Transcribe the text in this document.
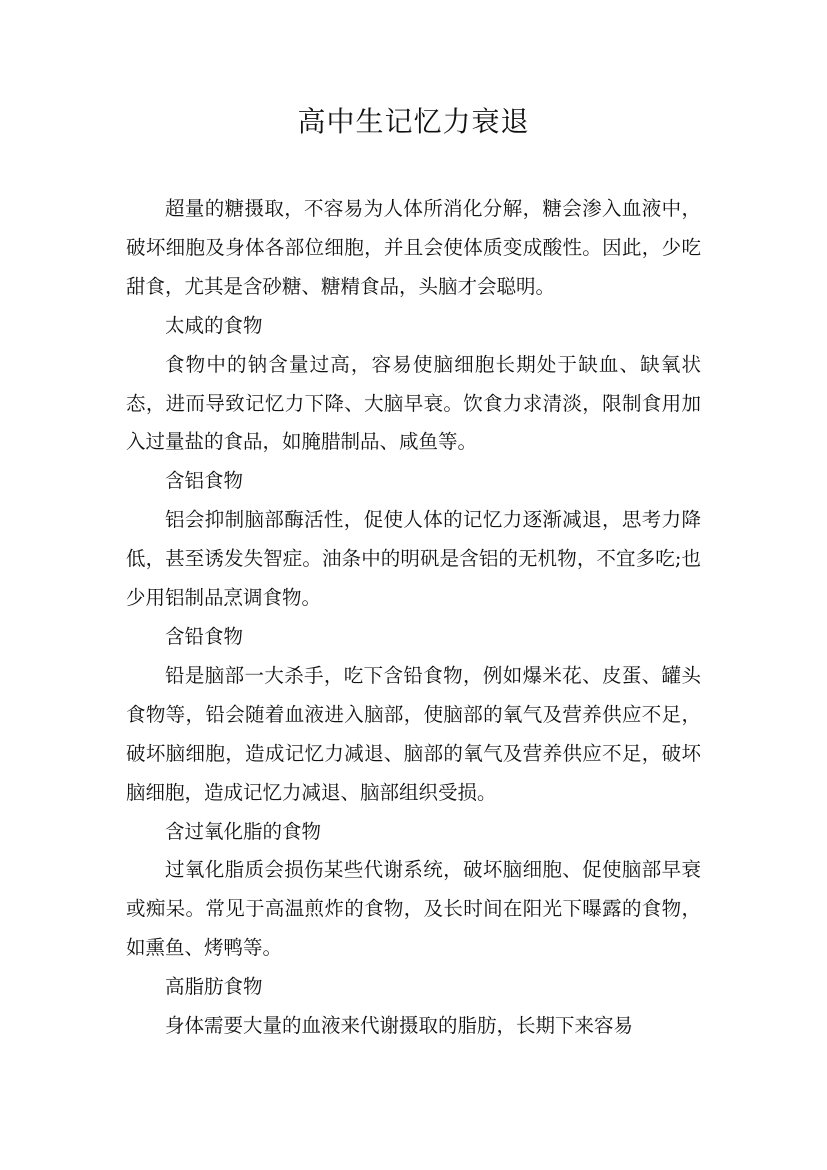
高中生记忆力衰退

超量的糖摄取，不容易为人体所消化分解，糖会渗入血液中，破坏细胞及身体各部位细胞，并且会使体质变成酸性。因此，少吃甜食，尤其是含砂糖、糖精食品，头脑才会聪明。

太咸的食物

食物中的钠含量过高，容易使脑细胞长期处于缺血、缺氧状态，进而导致记忆力下降、大脑早衰。饮食力求清淡，限制食用加入过量盐的食品，如腌腊制品、咸鱼等。

含铝食物

铝会抑制脑部酶活性，促使人体的记忆力逐渐减退，思考力降低，甚至诱发失智症。油条中的明矾是含铝的无机物，不宜多吃;也少用铝制品烹调食物。

含铅食物

铅是脑部一大杀手，吃下含铅食物，例如爆米花、皮蛋、罐头食物等，铅会随着血液进入脑部，使脑部的氧气及营养供应不足，破坏脑细胞，造成记忆力减退、脑部的氧气及营养供应不足，破坏脑细胞，造成记忆力减退、脑部组织受损。

含过氧化脂的食物

过氧化脂质会损伤某些代谢系统，破坏脑细胞、促使脑部早衰或痴呆。常见于高温煎炸的食物，及长时间在阳光下曝露的食物，如熏鱼、烤鸭等。

高脂肪食物

身体需要大量的血液来代谢摄取的脂肪，长期下来容易
